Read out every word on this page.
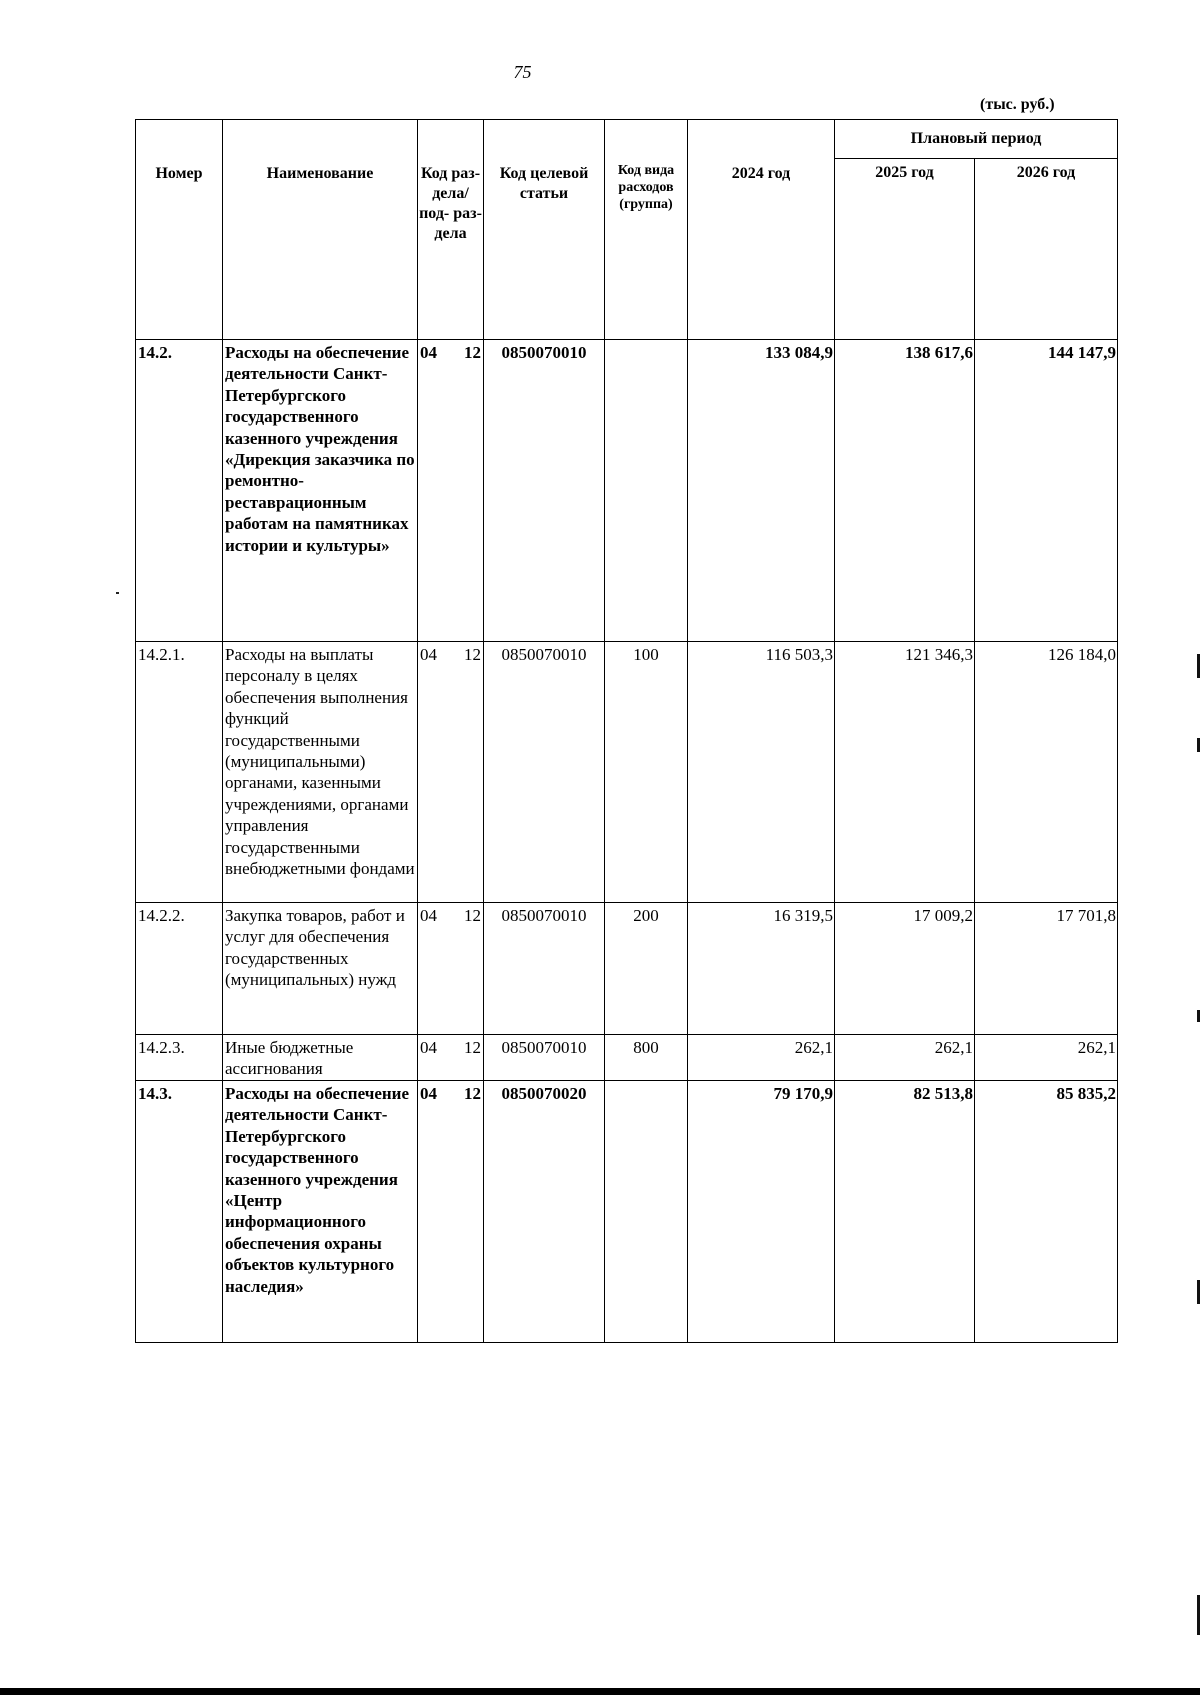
75
(тыс. руб.)
Номер	Наименование	Код раз- дела/ под- раз- дела	Код целевой статьи	Код вида расходов (группа)	2024 год	Плановый период	
						2025 год	2026 год
14.2.	Расходы на обеспечение деятельности Санкт-Петербургского государственного казенного учреждения «Дирекция заказчика по ремонтно-реставрационным работам на памятниках истории и культуры»	04 12	0850070010		133 084,9	138 617,6	144 147,9
14.2.1.	Расходы на выплаты персоналу в целях обеспечения выполнения функций государственными (муниципальными) органами, казенными учреждениями, органами управления государственными внебюджетными фондами	04 12	0850070010	100	116 503,3	121 346,3	126 184,0
14.2.2.	Закупка товаров, работ и услуг для обеспечения государственных (муниципальных) нужд	04 12	0850070010	200	16 319,5	17 009,2	17 701,8
14.2.3.	Иные бюджетные ассигнования	04 12	0850070010	800	262,1	262,1	262,1
14.3.	Расходы на обеспечение деятельности Санкт-Петербургского государственного казенного учреждения «Центр информационного обеспечения охраны объектов культурного наследия»	04 12	0850070020		79 170,9	82 513,8	85 835,2
